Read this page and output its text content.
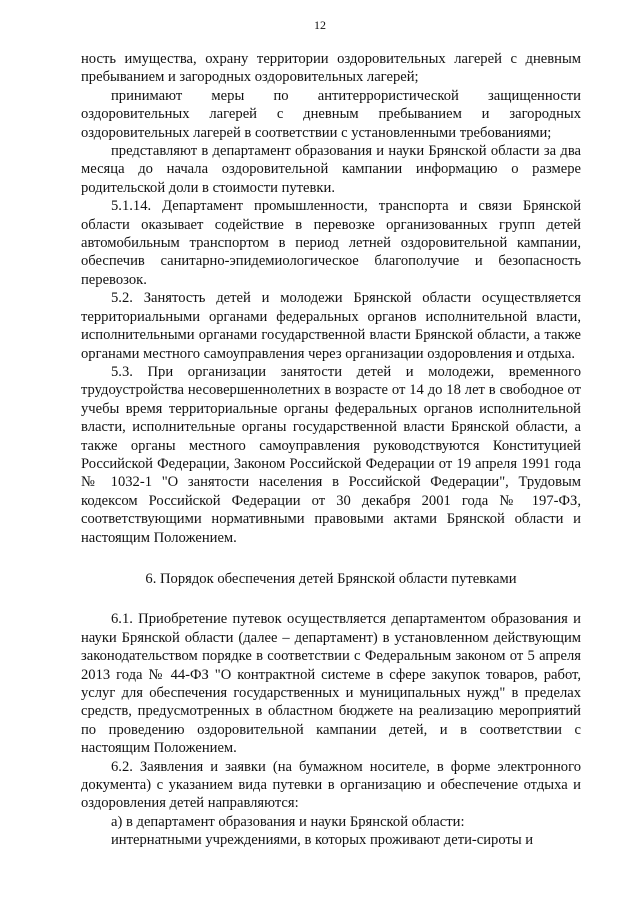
12

ность имущества, охрану территории оздоровительных лагерей с дневным пребыванием и загородных оздоровительных лагерей;

принимают меры по антитеррористической защищенности оздоровительных лагерей с дневным пребыванием и загородных оздоровительных лагерей в соответствии с установленными требованиями;

представляют в департамент образования и науки Брянской области за два месяца до начала оздоровительной кампании информацию о размере родительской доли в стоимости путевки.

5.1.14. Департамент промышленности, транспорта и связи Брянской области оказывает содействие в перевозке организованных групп детей автомобильным транспортом в период летней оздоровительной кампании, обеспечив санитарно-эпидемиологическое благополучие и безопасность перевозок.

5.2. Занятость детей и молодежи Брянской области осуществляется территориальными органами федеральных органов исполнительной власти, исполнительными органами государственной власти Брянской области, а также органами местного самоуправления через организации оздоровления и отдыха.

5.3. При организации занятости детей и молодежи, временного трудоустройства несовершеннолетних в возрасте от 14 до 18 лет в свободное от учебы время территориальные органы федеральных органов исполнительной власти, исполнительные органы государственной власти Брянской области, а также органы местного самоуправления руководствуются Конституцией Российской Федерации, Законом Российской Федерации от 19 апреля 1991 года № 1032-1 "О занятости населения в Российской Федерации", Трудовым кодексом Российской Федерации от 30 декабря 2001 года № 197-ФЗ, соответствующими нормативными правовыми актами Брянской области и настоящим Положением.

6. Порядок обеспечения детей Брянской области путевками

6.1. Приобретение путевок осуществляется департаментом образования и науки Брянской области (далее – департамент) в установленном действующим законодательством порядке в соответствии с Федеральным законом от 5 апреля 2013 года № 44-ФЗ "О контрактной системе в сфере закупок товаров, работ, услуг для обеспечения государственных и муниципальных нужд" в пределах средств, предусмотренных в областном бюджете на реализацию мероприятий по проведению оздоровительной кампании детей, и в соответствии с настоящим Положением.

6.2. Заявления и заявки (на бумажном носителе, в форме электронного документа) с указанием вида путевки в организацию и обеспечение отдыха и оздоровления детей направляются:

а) в департамент образования и науки Брянской области:

интернатными учреждениями, в которых проживают дети-сироты и
